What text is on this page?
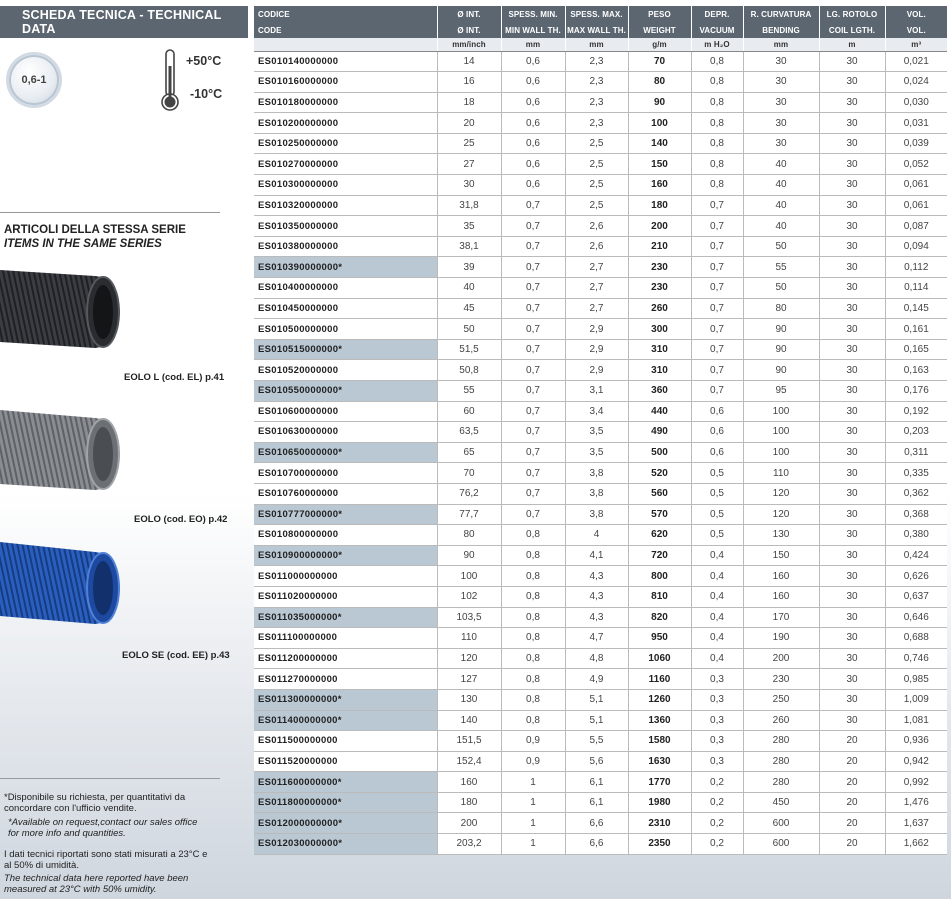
SCHEDA TECNICA - TECHNICAL DATA
0,6-1
+50°C
-10°C
ARTICOLI DELLA STESSA SERIE
ITEMS IN THE SAME SERIES
EOLO L (cod. EL) p.41
EOLO (cod. EO) p.42
EOLO SE (cod. EE) p.43
*Disponibile su richiesta, per quantitativi da concordare con l'ufficio vendite.
*Available on request,contact our sales office for more info and quantities.
I dati tecnici riportati sono stati misurati a 23°C e al 50% di umidità.
The technical data here reported have been measured at 23°C with 50% umidity.
CODICE	Ø INT.	SPESS. MIN.	SPESS. MAX.	PESO	DEPR.	R. CURVATURA	LG. ROTOLO	VOL.
CODE	Ø INT.	MIN WALL TH.	MAX WALL TH.	WEIGHT	VACUUM	BENDING	COIL LGTH.	VOL.
	mm/inch	mm	mm	g/m	m H₂O	mm	m	m³
ES010140000000	14	0,6	2,3	70	0,8	30	30	0,021
ES010160000000	16	0,6	2,3	80	0,8	30	30	0,024
ES010180000000	18	0,6	2,3	90	0,8	30	30	0,030
ES010200000000	20	0,6	2,3	100	0,8	30	30	0,031
ES010250000000	25	0,6	2,5	140	0,8	30	30	0,039
ES010270000000	27	0,6	2,5	150	0,8	40	30	0,052
ES010300000000	30	0,6	2,5	160	0,8	40	30	0,061
ES010320000000	31,8	0,7	2,5	180	0,7	40	30	0,061
ES010350000000	35	0,7	2,6	200	0,7	40	30	0,087
ES010380000000	38,1	0,7	2,6	210	0,7	50	30	0,094
ES010390000000*	39	0,7	2,7	230	0,7	55	30	0,112
ES010400000000	40	0,7	2,7	230	0,7	50	30	0,114
ES010450000000	45	0,7	2,7	260	0,7	80	30	0,145
ES010500000000	50	0,7	2,9	300	0,7	90	30	0,161
ES010515000000*	51,5	0,7	2,9	310	0,7	90	30	0,165
ES010520000000	50,8	0,7	2,9	310	0,7	90	30	0,163
ES010550000000*	55	0,7	3,1	360	0,7	95	30	0,176
ES010600000000	60	0,7	3,4	440	0,6	100	30	0,192
ES010630000000	63,5	0,7	3,5	490	0,6	100	30	0,203
ES010650000000*	65	0,7	3,5	500	0,6	100	30	0,311
ES010700000000	70	0,7	3,8	520	0,5	110	30	0,335
ES010760000000	76,2	0,7	3,8	560	0,5	120	30	0,362
ES010777000000*	77,7	0,7	3,8	570	0,5	120	30	0,368
ES010800000000	80	0,8	4	620	0,5	130	30	0,380
ES010900000000*	90	0,8	4,1	720	0,4	150	30	0,424
ES011000000000	100	0,8	4,3	800	0,4	160	30	0,626
ES011020000000	102	0,8	4,3	810	0,4	160	30	0,637
ES011035000000*	103,5	0,8	4,3	820	0,4	170	30	0,646
ES011100000000	110	0,8	4,7	950	0,4	190	30	0,688
ES011200000000	120	0,8	4,8	1060	0,4	200	30	0,746
ES011270000000	127	0,8	4,9	1160	0,3	230	30	0,985
ES011300000000*	130	0,8	5,1	1260	0,3	250	30	1,009
ES011400000000*	140	0,8	5,1	1360	0,3	260	30	1,081
ES011500000000	151,5	0,9	5,5	1580	0,3	280	20	0,936
ES011520000000	152,4	0,9	5,6	1630	0,3	280	20	0,942
ES011600000000*	160	1	6,1	1770	0,2	280	20	0,992
ES011800000000*	180	1	6,1	1980	0,2	450	20	1,476
ES012000000000*	200	1	6,6	2310	0,2	600	20	1,637
ES012030000000*	203,2	1	6,6	2350	0,2	600	20	1,662
